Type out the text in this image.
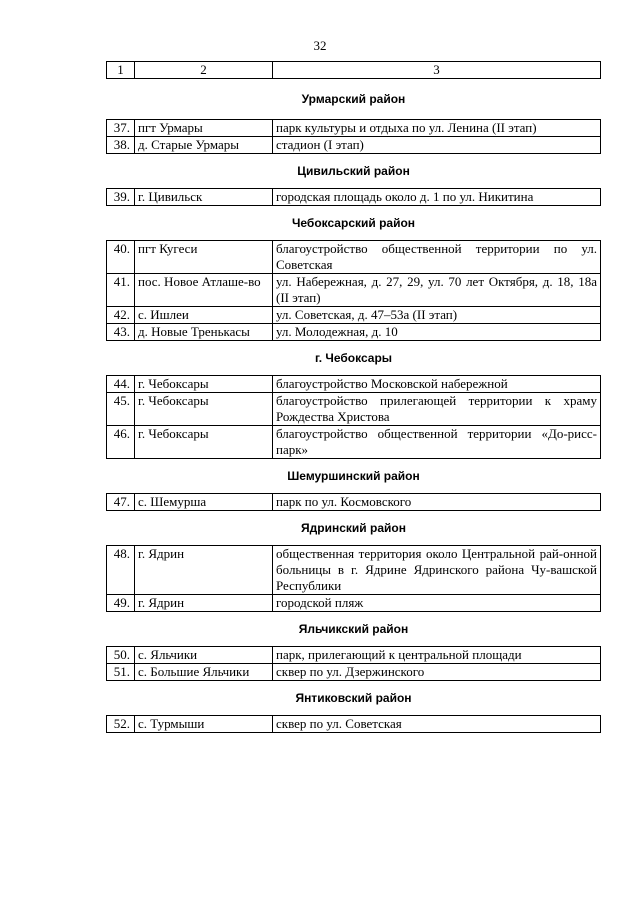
32
1	2	3
Урмарский район		
37.	пгт Урмары	парк культуры и отдыха по ул. Ленина (II этап)
38.	д. Старые Урмары	стадион (I этап)
Цивильский район		
39.	г. Цивильск	городская площадь около д. 1 по ул. Никитина
Чебоксарский район		
40.	пгт Кугеси	благоустройство общественной территории по ул. Советская
41.	пос. Новое Атлаше-во	ул. Набережная, д. 27, 29, ул. 70 лет Октября, д. 18, 18а (II этап)
42.	с. Ишлеи	ул. Советская, д. 47–53а (II этап)
43.	д. Новые Тренькасы	ул. Молодежная, д. 10
г. Чебоксары		
44.	г. Чебоксары	благоустройство Московской набережной
45.	г. Чебоксары	благоустройство прилегающей территории к храму Рождества Христова
46.	г. Чебоксары	благоустройство общественной территории «До-рисс-парк»
Шемуршинский район		
47.	с. Шемурша	парк по ул. Космовского
Ядринский район		
48.	г. Ядрин	общественная территория около Центральной рай-онной больницы в г. Ядрине Ядринского района Чу-вашской Республики
49.	г. Ядрин	городской пляж
Яльчикский район		
50.	с. Яльчики	парк, прилегающий к центральной площади
51.	с. Большие Яльчики	сквер по ул. Дзержинского
Янтиковский район		
52.	с. Турмыши	сквер по ул. Советская
